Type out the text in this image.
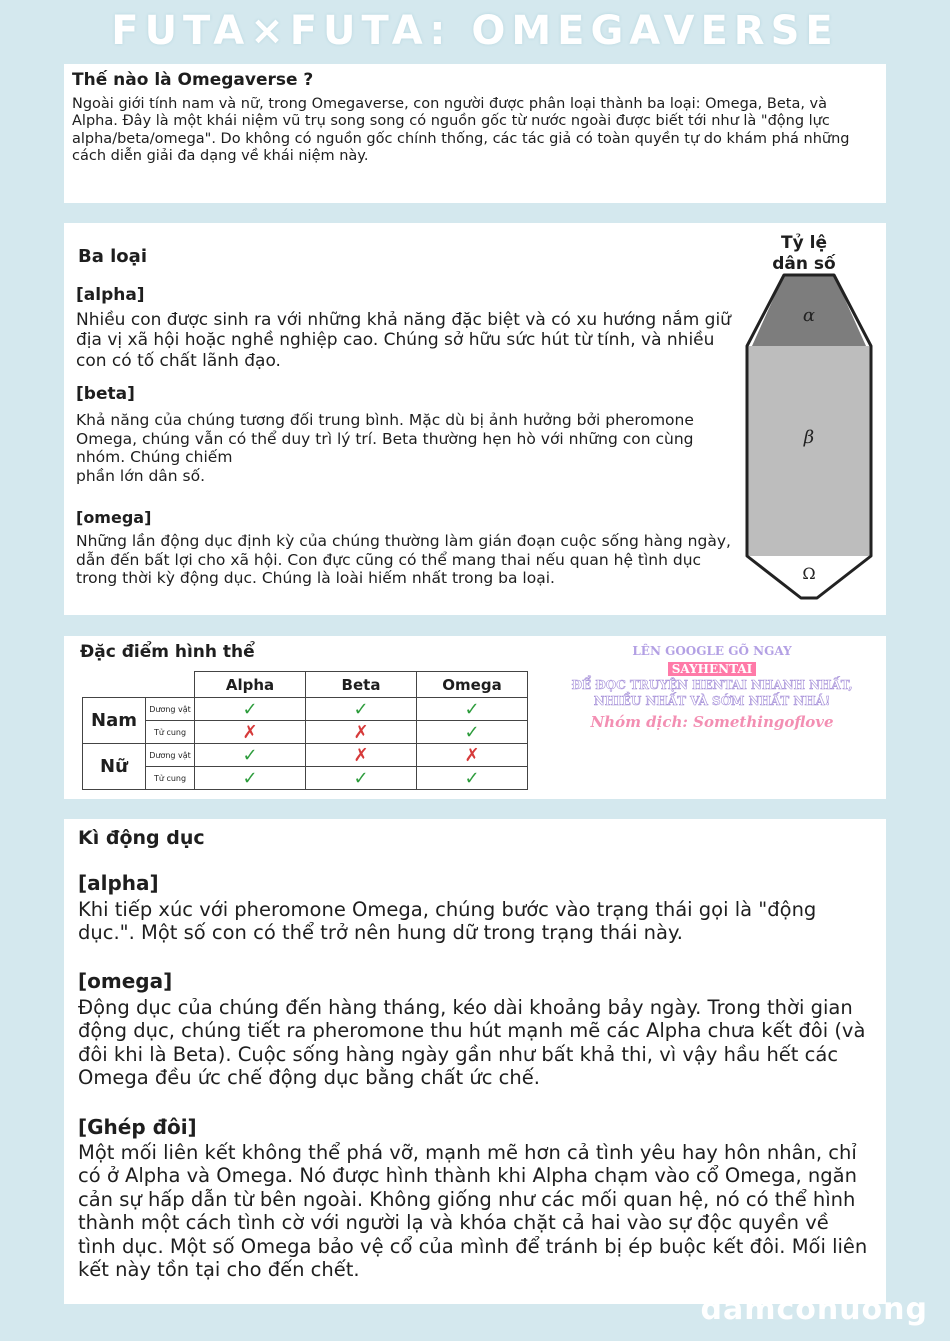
FUTA×FUTA: OMEGAVERSE
Thế nào là Omegaverse ?
Ngoài giới tính nam và nữ, trong Omegaverse, con người được phân loại thành ba loại: Omega, Beta, và Alpha. Đây là một khái niệm vũ trụ song song có nguồn gốc từ nước ngoài được biết tới như là "động lực alpha/beta/omega". Do không có nguồn gốc chính thống, các tác giả có toàn quyền tự do khám phá những cách diễn giải đa dạng về khái niệm này.
Ba loại
[alpha]
Nhiều con được sinh ra với những khả năng đặc biệt và có xu hướng nắm giữ địa vị xã hội hoặc nghề nghiệp cao. Chúng sở hữu sức hút từ tính, và nhiều con có tố chất lãnh đạo.
[beta]
Khả năng của chúng tương đối trung bình. Mặc dù bị ảnh hưởng bởi pheromone Omega, chúng vẫn có thể duy trì lý trí. Beta thường hẹn hò với những con cùng nhóm. Chúng chiếm
phần lớn dân số.
[omega]
Những lần động dục định kỳ của chúng thường làm gián đoạn cuộc sống hàng ngày, dẫn đến bất lợi cho xã hội. Con đực cũng có thể mang thai nếu quan hệ tình dục trong thời kỳ động dục. Chúng là loài hiếm nhất trong ba loại.
Tỷ lệ
dân số
α
β
Ω
Đặc điểm hình thể
		Alpha	Beta	Omega
Nam	Dương vật	✓	✓	✓
	Tử cung	✗	✗	✓
Nữ	Dương vật	✓	✗	✗
	Tử cung	✓	✓	✓
LÊN GOOGLE GÕ NGAY
SAYHENTAI
ĐỂ ĐỌC TRUYỆN HENTAI NHANH NHẤT, NHIỀU NHẤT VÀ SỚM NHẤT NHÁ!
Nhóm dịch: Somethingoflove
Kì động dục
[alpha]
Khi tiếp xúc với pheromone Omega, chúng bước vào trạng thái gọi là "động dục.". Một số con có thể trở nên hung dữ trong trạng thái này.
[omega]
Động dục của chúng đến hàng tháng, kéo dài khoảng bảy ngày. Trong thời gian động dục, chúng tiết ra pheromone thu hút mạnh mẽ các Alpha chưa kết đôi (và đôi khi là Beta). Cuộc sống hàng ngày gần như bất khả thi, vì vậy hầu hết các Omega đều ức chế động dục bằng chất ức chế.
[Ghép đôi]
Một mối liên kết không thể phá vỡ, mạnh mẽ hơn cả tình yêu hay hôn nhân, chỉ có ở Alpha và Omega. Nó được hình thành khi Alpha chạm vào cổ Omega, ngăn cản sự hấp dẫn từ bên ngoài. Không giống như các mối quan hệ, nó có thể hình thành một cách tình cờ với người lạ và khóa chặt cả hai vào sự độc quyền về tình dục. Một số Omega bảo vệ cổ của mình để tránh bị ép buộc kết đôi. Mối liên kết này tồn tại cho đến chết.
damconuong
